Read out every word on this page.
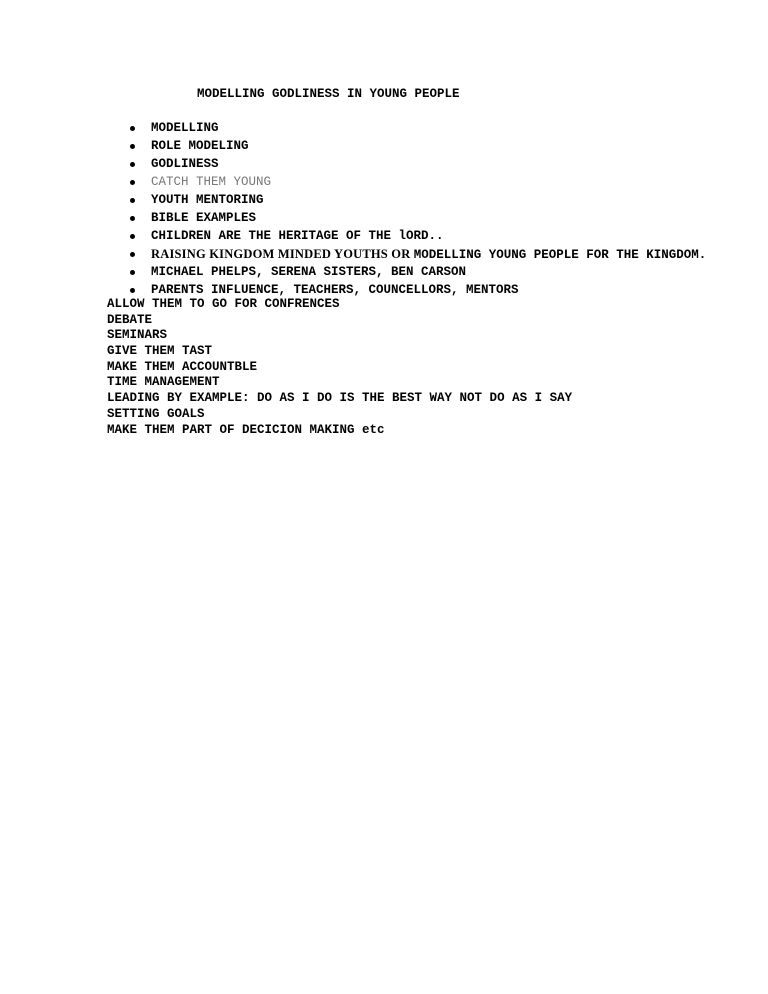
MODELLING GODLINESS IN YOUNG PEOPLE
MODELLING
ROLE MODELING
GODLINESS
CATCH THEM YOUNG
YOUTH MENTORING
BIBLE EXAMPLES
CHILDREN ARE THE HERITAGE OF THE lORD..
RAISING KINGDOM MINDED YOUTHS OR MODELLING YOUNG PEOPLE FOR THE KINGDOM.
MICHAEL PHELPS, SERENA SISTERS, BEN CARSON
PARENTS INFLUENCE, TEACHERS, COUNCELLORS, MENTORS
ALLOW THEM TO GO FOR CONFRENCES
DEBATE
SEMINARS
GIVE THEM TAST
MAKE THEM ACCOUNTBLE
TIME MANAGEMENT
LEADING BY EXAMPLE: DO AS I DO IS THE BEST WAY NOT DO AS I SAY
SETTING GOALS
MAKE THEM PART OF DECICION MAKING etc
